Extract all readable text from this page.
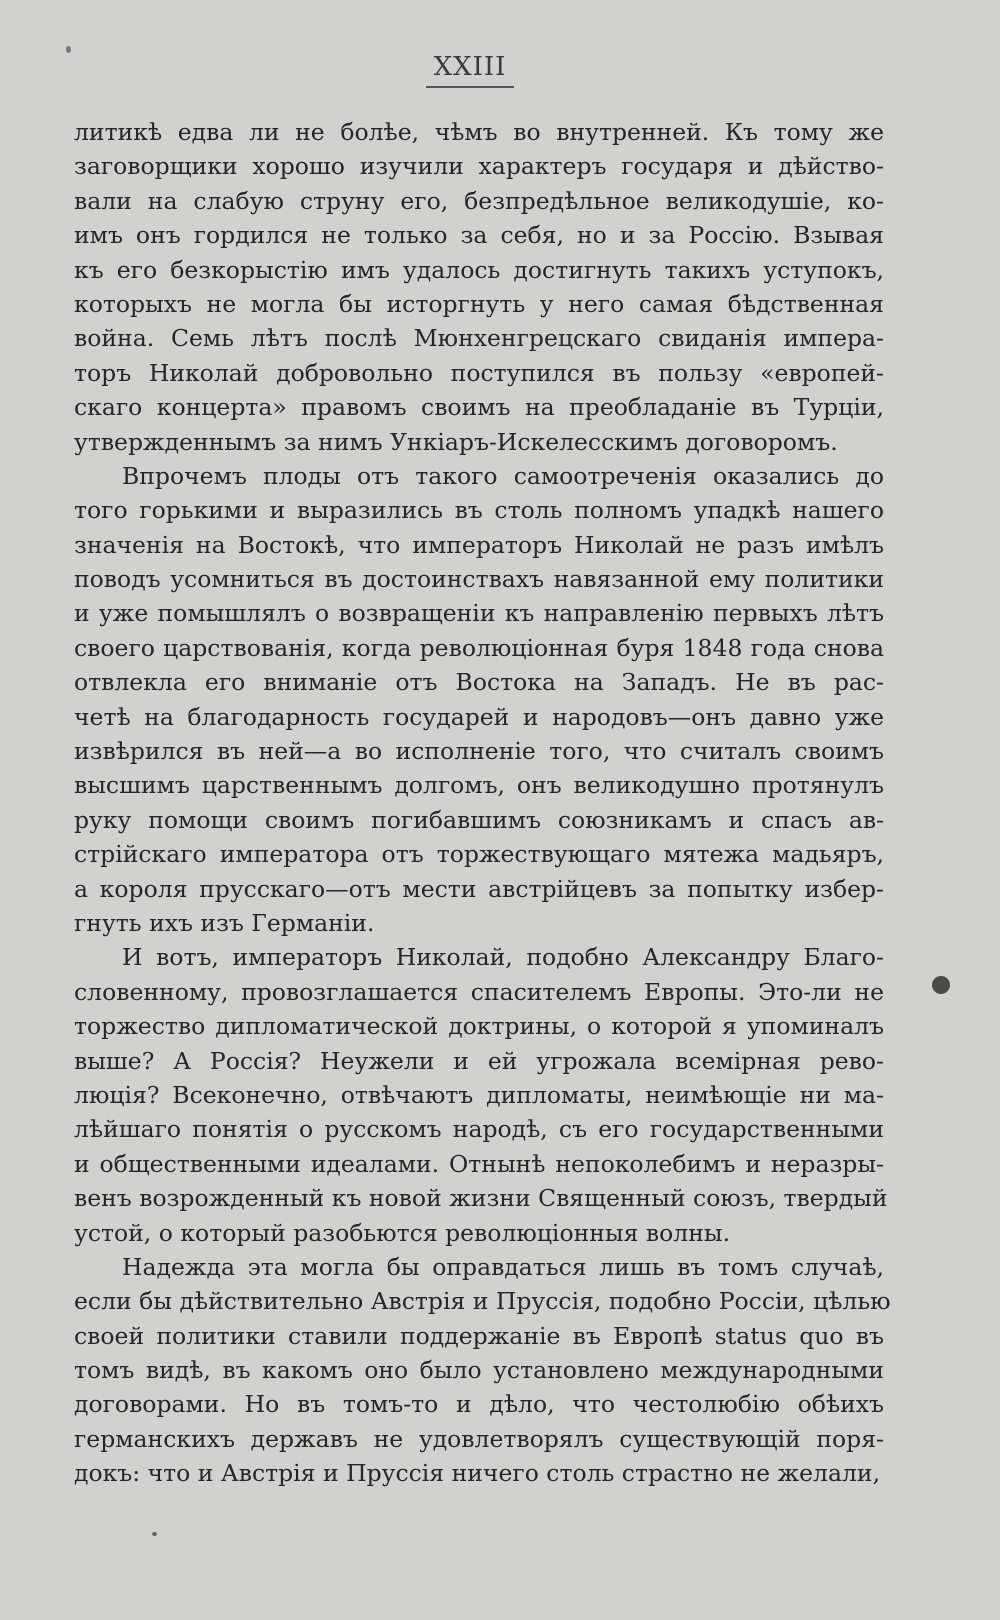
XXIII
литикѣ едва ли не болѣе, чѣмъ во внутренней. Къ тому же
заговорщики хорошо изучили характеръ государя и дѣйство-
вали на слабую струну его, безпредѣльное великодушіе, ко-
имъ онъ гордился не только за себя, но и за Россію. Взывая
къ его безкорыстію имъ удалось достигнуть такихъ уступокъ,
которыхъ не могла бы исторгнуть у него самая бѣдственная
война. Семь лѣтъ послѣ Мюнхенгрецскаго свиданія импера-
торъ Николай добровольно поступился въ пользу «европей-
скаго концерта» правомъ своимъ на преобладаніе въ Турціи,
утвержденнымъ за нимъ Ункіаръ-Искелесскимъ договоромъ.
Впрочемъ плоды отъ такого самоотреченія оказались до
того горькими и выразились въ столь полномъ упадкѣ нашего
значенія на Востокѣ, что императоръ Николай не разъ имѣлъ
поводъ усомниться въ достоинствахъ навязанной ему политики
и уже помышлялъ о возвращеніи къ направленію первыхъ лѣтъ
своего царствованія, когда революціонная буря 1848 года снова
отвлекла его вниманіе отъ Востока на Западъ. Не въ рас-
четѣ на благодарность государей и народовъ—онъ давно уже
извѣрился въ ней—а во исполненіе того, что считалъ своимъ
высшимъ царственнымъ долгомъ, онъ великодушно протянулъ
руку помощи своимъ погибавшимъ союзникамъ и спасъ ав-
стрійскаго императора отъ торжествующаго мятежа мадьяръ,
а короля прусскаго—отъ мести австрійцевъ за попытку избер-
гнуть ихъ изъ Германіи.
И вотъ, императоръ Николай, подобно Александру Благо-
словенному, провозглашается спасителемъ Европы. Это-ли не
торжество дипломатической доктрины, о которой я упоминалъ
выше? А Россія? Неужели и ей угрожала всемірная рево-
люція? Всеконечно, отвѣчаютъ дипломаты, неимѣющіе ни ма-
лѣйшаго понятія о русскомъ народѣ, съ его государственными
и общественными идеалами. Отнынѣ непоколебимъ и неразры-
венъ возрожденный къ новой жизни Священный союзъ, твердый
устой, о который разобьются революціонныя волны.
Надежда эта могла бы оправдаться лишь въ томъ случаѣ,
если бы дѣйствительно Австрія и Пруссія, подобно Россіи, цѣлью
своей политики ставили поддержаніе въ Европѣ status quo въ
томъ видѣ, въ какомъ оно было установлено международными
договорами. Но въ томъ-то и дѣло, что честолюбію обѣихъ
германскихъ державъ не удовлетворялъ существующій поря-
докъ: что и Австрія и Пруссія ничего столь страстно не желали,
